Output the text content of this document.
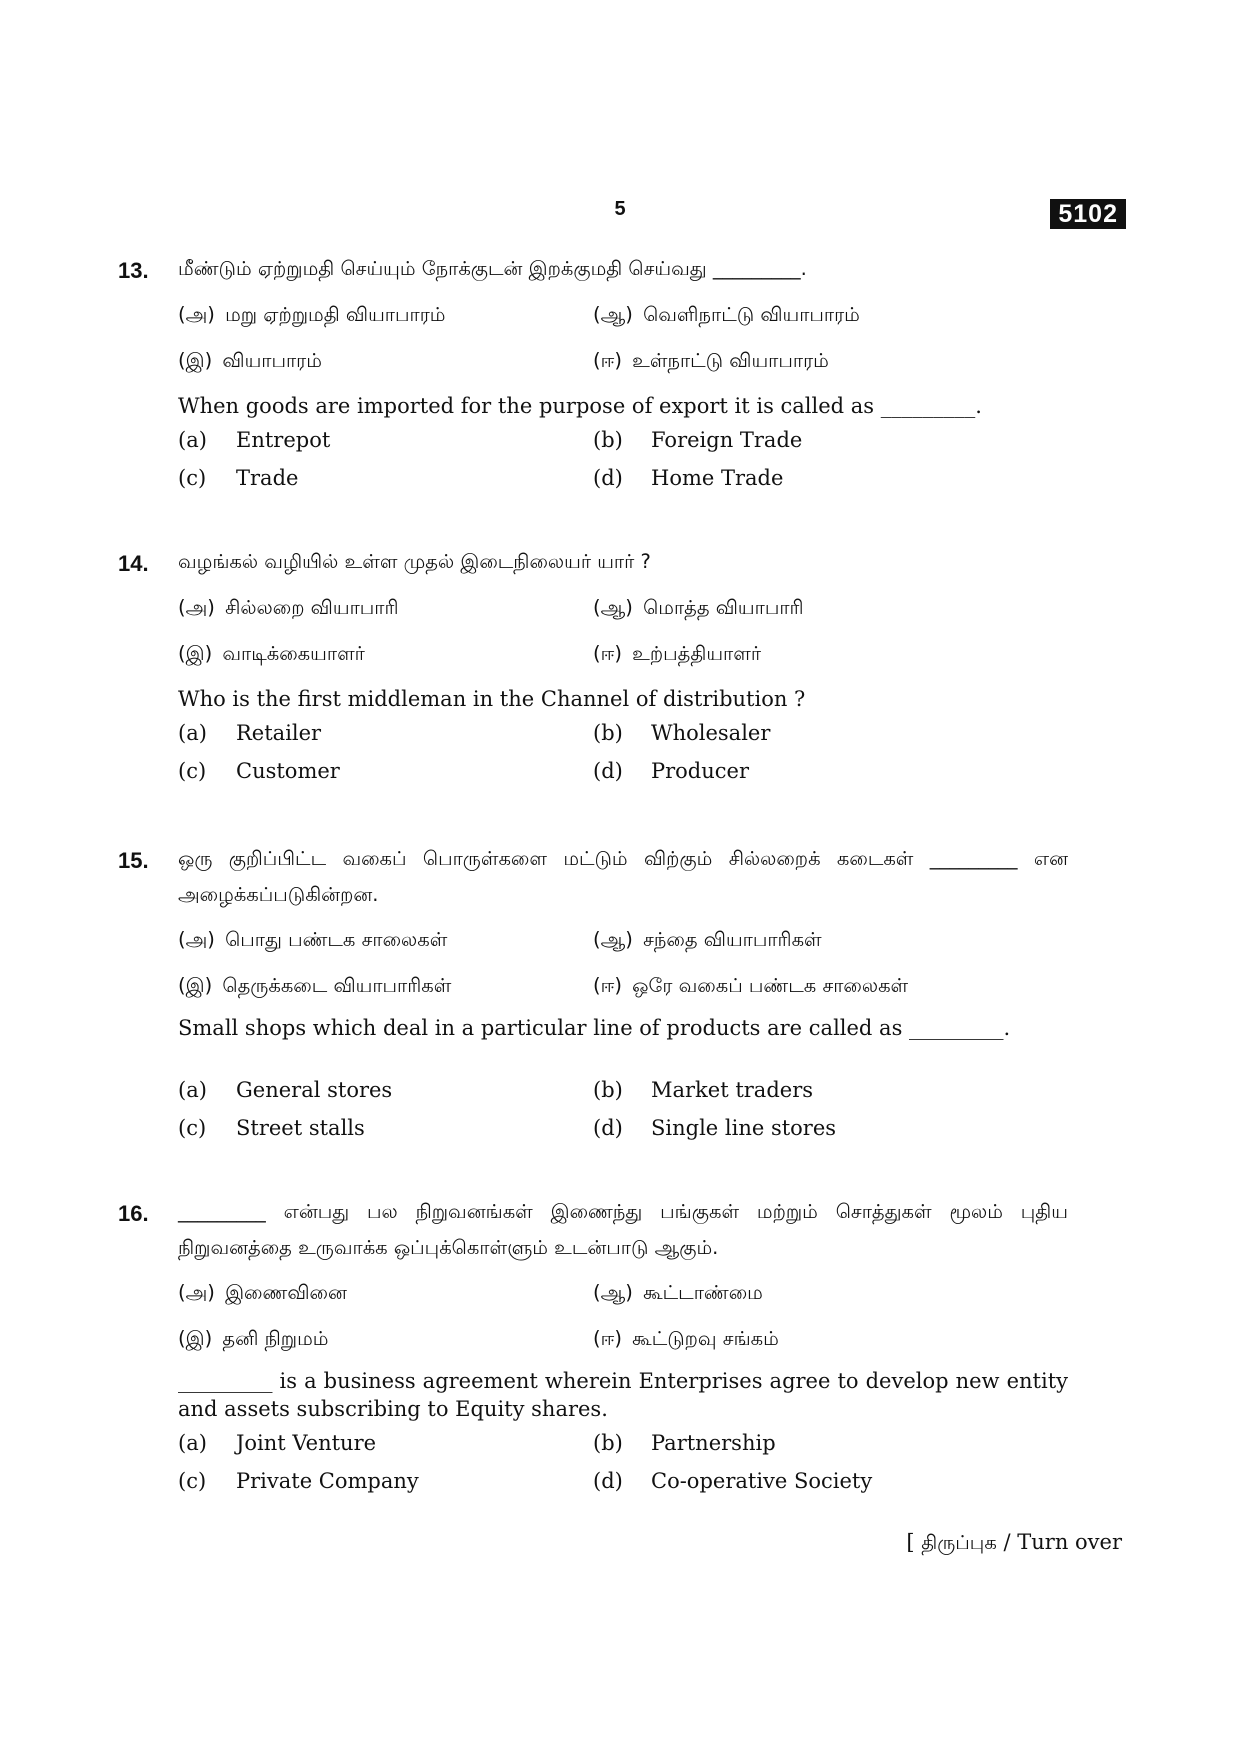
5	5102
13. மீண்டும் ஏற்றுமதி செய்யும் நோக்குடன் இறக்குமதி செய்வது _________.
(அ) மறு ஏற்றுமதி வியாபாரம்	(ஆ) வெளிநாட்டு வியாபாரம்
(இ) வியாபாரம்	(ஈ) உள்நாட்டு வியாபாரம்
When goods are imported for the purpose of export it is called as _________.
(a) Entrepot	(b) Foreign Trade
(c) Trade	(d) Home Trade
14. வழங்கல் வழியில் உள்ள முதல் இடைநிலையர் யார் ?
(அ) சில்லறை வியாபாரி	(ஆ) மொத்த வியாபாரி
(இ) வாடிக்கையாளர்	(ஈ) உற்பத்தியாளர்
Who is the first middleman in the Channel of distribution ?
(a) Retailer	(b) Wholesaler
(c) Customer	(d) Producer
15. ஒரு குறிப்பிட்ட வகைப் பொருள்களை மட்டும் விற்கும் சில்லறைக் கடைகள் _________ என அழைக்கப்படுகின்றன.
(அ) பொது பண்டக சாலைகள்	(ஆ) சந்தை வியாபாரிகள்
(இ) தெருக்கடை வியாபாரிகள்	(ஈ) ஒரே வகைப் பண்டக சாலைகள்
Small shops which deal in a particular line of products are called as _________.
(a) General stores	(b) Market traders
(c) Street stalls	(d) Single line stores
16. _________ என்பது பல நிறுவனங்கள் இணைந்து பங்குகள் மற்றும் சொத்துகள் மூலம் புதிய நிறுவனத்தை உருவாக்க ஒப்புக்கொள்ளும் உடன்பாடு ஆகும்.
(அ) இணைவினை	(ஆ) கூட்டாண்மை
(இ) தனி நிறுமம்	(ஈ) கூட்டுறவு சங்கம்
_________ is a business agreement wherein Enterprises agree to develop new entity and assets subscribing to Equity shares.
(a) Joint Venture	(b) Partnership
(c) Private Company	(d) Co-operative Society
[ திருப்புக / Turn over
